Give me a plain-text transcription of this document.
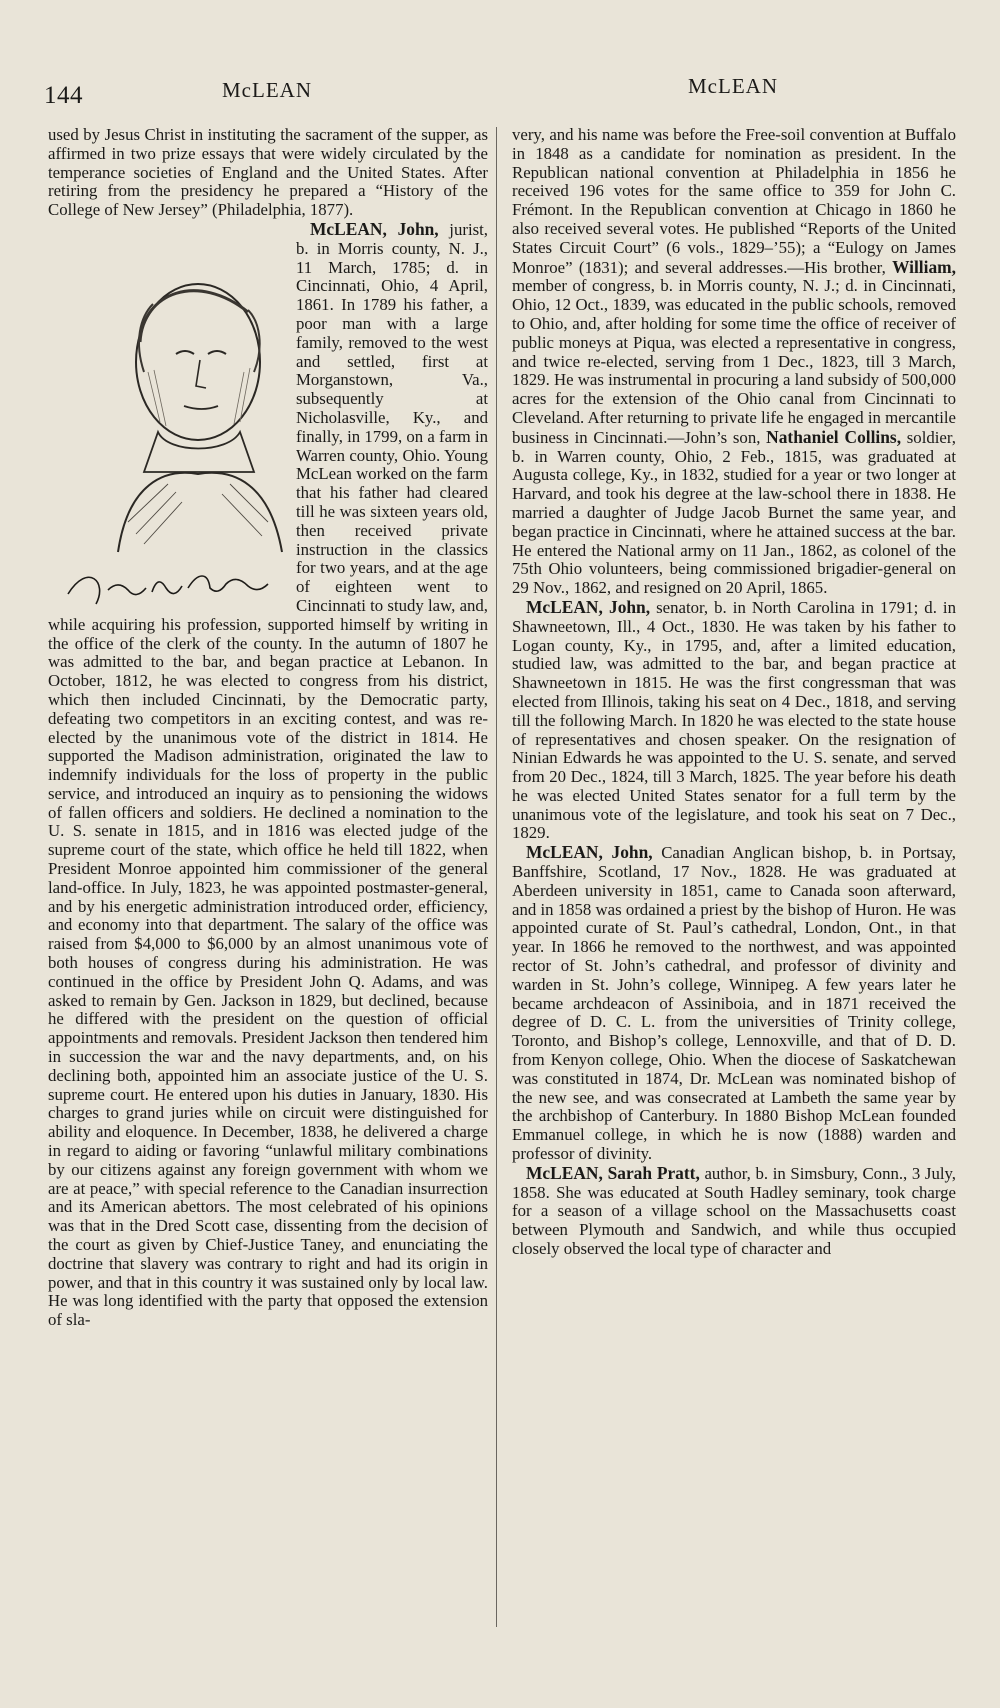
144	McLEAN	McLEAN

used by Jesus Christ in instituting the sacrament of the supper, as affirmed in two prize essays that were widely circulated by the temperance societies of England and the United States. After retiring from the presidency he prepared a “History of the College of New Jersey” (Philadelphia, 1877).

McLEAN, John, jurist, b. in Morris county, N. J., 11 March, 1785; d. in Cincinnati, Ohio, 4 April, 1861. In 1789 his father, a poor man with a large family, removed to the west and settled, first at Morganstown, Va., subsequently at Nicholasville, Ky., and finally, in 1799, on a farm in Warren county, Ohio. Young McLean worked on the farm that his father had cleared till he was sixteen years old, then received private instruction in the classics for two years, and at the age of eighteen went to Cincinnati to study law, and, while acquiring his profession, supported himself by writing in the office of the clerk of the county. In the autumn of 1807 he was admitted to the bar, and began practice at Lebanon. In October, 1812, he was elected to congress from his district, which then included Cincinnati, by the Democratic party, defeating two competitors in an exciting contest, and was re-elected by the unanimous vote of the district in 1814. He supported the Madison administration, originated the law to indemnify individuals for the loss of property in the public service, and introduced an inquiry as to pensioning the widows of fallen officers and soldiers. He declined a nomination to the U. S. senate in 1815, and in 1816 was elected judge of the supreme court of the state, which office he held till 1822, when President Monroe appointed him commissioner of the general land-office. In July, 1823, he was appointed postmaster-general, and by his energetic administration introduced order, efficiency, and economy into that department. The salary of the office was raised from $4,000 to $6,000 by an almost unanimous vote of both houses of congress during his administration. He was continued in the office by President John Q. Adams, and was asked to remain by Gen. Jackson in 1829, but declined, because he differed with the president on the question of official appointments and removals. President Jackson then tendered him in succession the war and the navy departments, and, on his declining both, appointed him an associate justice of the U. S. supreme court. He entered upon his duties in January, 1830. His charges to grand juries while on circuit were distinguished for ability and eloquence. In December, 1838, he delivered a charge in regard to aiding or favoring “unlawful military combinations by our citizens against any foreign government with whom we are at peace,” with special reference to the Canadian insurrection and its American abettors. The most celebrated of his opinions was that in the Dred Scott case, dissenting from the decision of the court as given by Chief-Justice Taney, and enunciating the doctrine that slavery was contrary to right and had its origin in power, and that in this country it was sustained only by local law. He was long identified with the party that opposed the extension of sla-

very, and his name was before the Free-soil convention at Buffalo in 1848 as a candidate for nomination as president. In the Republican national convention at Philadelphia in 1856 he received 196 votes for the same office to 359 for John C. Frémont. In the Republican convention at Chicago in 1860 he also received several votes. He published “Reports of the United States Circuit Court” (6 vols., 1829–’55); a “Eulogy on James Monroe” (1831); and several addresses.—His brother, William, member of congress, b. in Morris county, N. J.; d. in Cincinnati, Ohio, 12 Oct., 1839, was educated in the public schools, removed to Ohio, and, after holding for some time the office of receiver of public moneys at Piqua, was elected a representative in congress, and twice re-elected, serving from 1 Dec., 1823, till 3 March, 1829. He was instrumental in procuring a land subsidy of 500,000 acres for the extension of the Ohio canal from Cincinnati to Cleveland. After returning to private life he engaged in mercantile business in Cincinnati.—John’s son, Nathaniel Collins, soldier, b. in Warren county, Ohio, 2 Feb., 1815, was graduated at Augusta college, Ky., in 1832, studied for a year or two longer at Harvard, and took his degree at the law-school there in 1838. He married a daughter of Judge Jacob Burnet the same year, and began practice in Cincinnati, where he attained success at the bar. He entered the National army on 11 Jan., 1862, as colonel of the 75th Ohio volunteers, being commissioned brigadier-general on 29 Nov., 1862, and resigned on 20 April, 1865.

McLEAN, John, senator, b. in North Carolina in 1791; d. in Shawneetown, Ill., 4 Oct., 1830. He was taken by his father to Logan county, Ky., in 1795, and, after a limited education, studied law, was admitted to the bar, and began practice at Shawneetown in 1815. He was the first congressman that was elected from Illinois, taking his seat on 4 Dec., 1818, and serving till the following March. In 1820 he was elected to the state house of representatives and chosen speaker. On the resignation of Ninian Edwards he was appointed to the U. S. senate, and served from 20 Dec., 1824, till 3 March, 1825. The year before his death he was elected United States senator for a full term by the unanimous vote of the legislature, and took his seat on 7 Dec., 1829.

McLEAN, John, Canadian Anglican bishop, b. in Portsay, Banffshire, Scotland, 17 Nov., 1828. He was graduated at Aberdeen university in 1851, came to Canada soon afterward, and in 1858 was ordained a priest by the bishop of Huron. He was appointed curate of St. Paul’s cathedral, London, Ont., in that year. In 1866 he removed to the northwest, and was appointed rector of St. John’s cathedral, and professor of divinity and warden in St. John’s college, Winnipeg. A few years later he became archdeacon of Assiniboia, and in 1871 received the degree of D. C. L. from the universities of Trinity college, Toronto, and Bishop’s college, Lennoxville, and that of D. D. from Kenyon college, Ohio. When the diocese of Saskatchewan was constituted in 1874, Dr. McLean was nominated bishop of the new see, and was consecrated at Lambeth the same year by the archbishop of Canterbury. In 1880 Bishop McLean founded Emmanuel college, in which he is now (1888) warden and professor of divinity.

McLEAN, Sarah Pratt, author, b. in Simsbury, Conn., 3 July, 1858. She was educated at South Hadley seminary, took charge for a season of a village school on the Massachusetts coast between Plymouth and Sandwich, and while thus occupied closely observed the local type of character and
